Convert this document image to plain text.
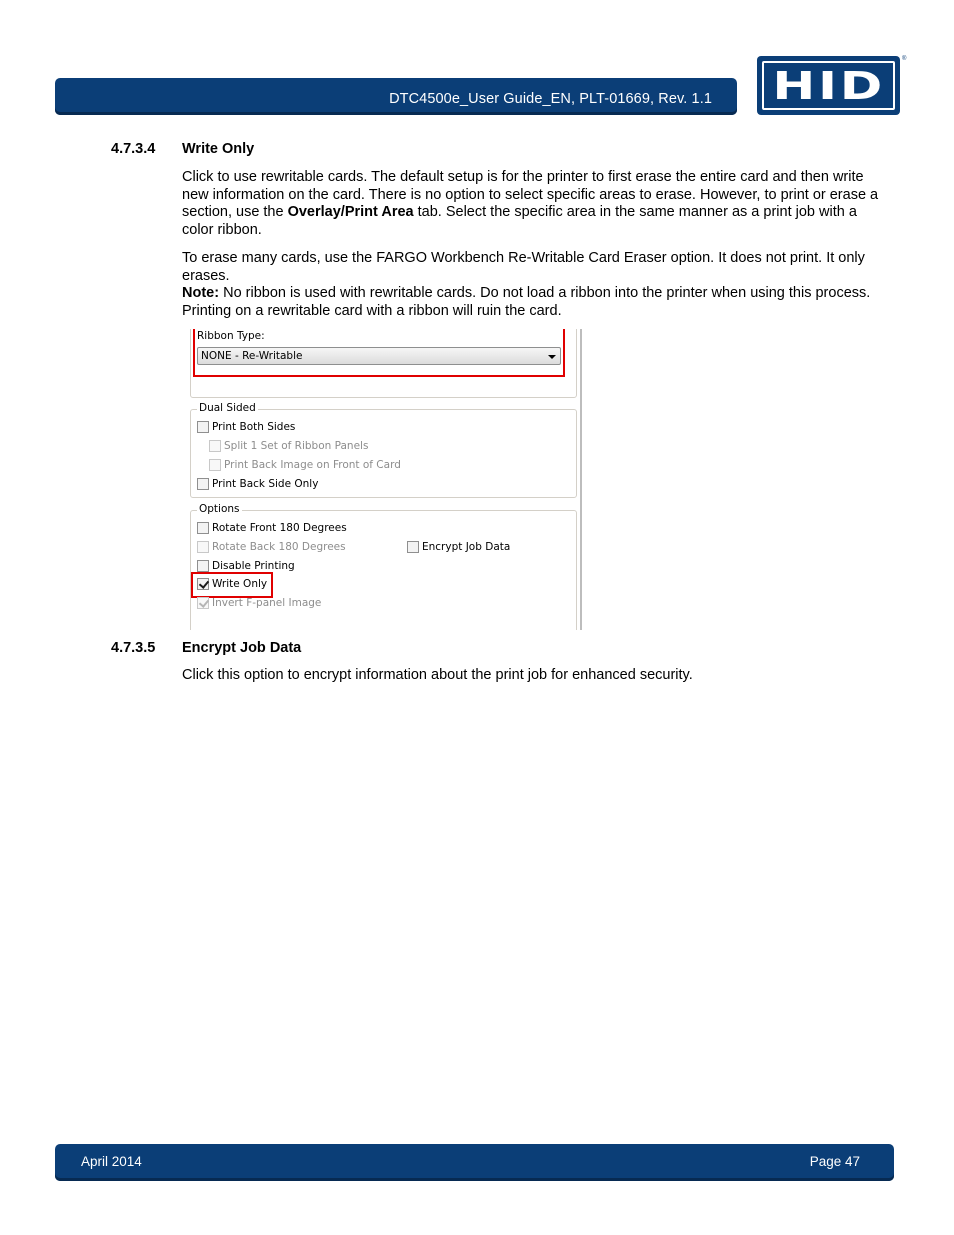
DTC4500e_User Guide_EN, PLT-01669, Rev. 1.1 HID
®
4.7.3.4 Write Only

Click to use rewritable cards. The default setup is for the printer to first erase the entire card and then write new information on the card. There is no option to select specific areas to erase. However, to print or erase a section, use the Overlay/Print Area tab. Select the specific area in the same manner as a print job with a color ribbon.

To erase many cards, use the FARGO Workbench Re-Writable Card Eraser option. It does not print. It only erases.
Note: No ribbon is used with rewritable cards. Do not load a ribbon into the printer when using this process. Printing on a rewritable card with a ribbon will ruin the card.

Ribbon Type:
NONE - Re-Writable
Dual Sided
Print Both Sides
Split 1 Set of Ribbon Panels
Print Back Image on Front of Card
Print Back Side Only
Options
Rotate Front 180 Degrees
Rotate Back 180 Degrees	Encrypt Job Data
Disable Printing
Write Only
Invert F-panel Image
4.7.3.5 Encrypt Job Data

Click this option to encrypt information about the print job for enhanced security.

April 2014	Page 47
